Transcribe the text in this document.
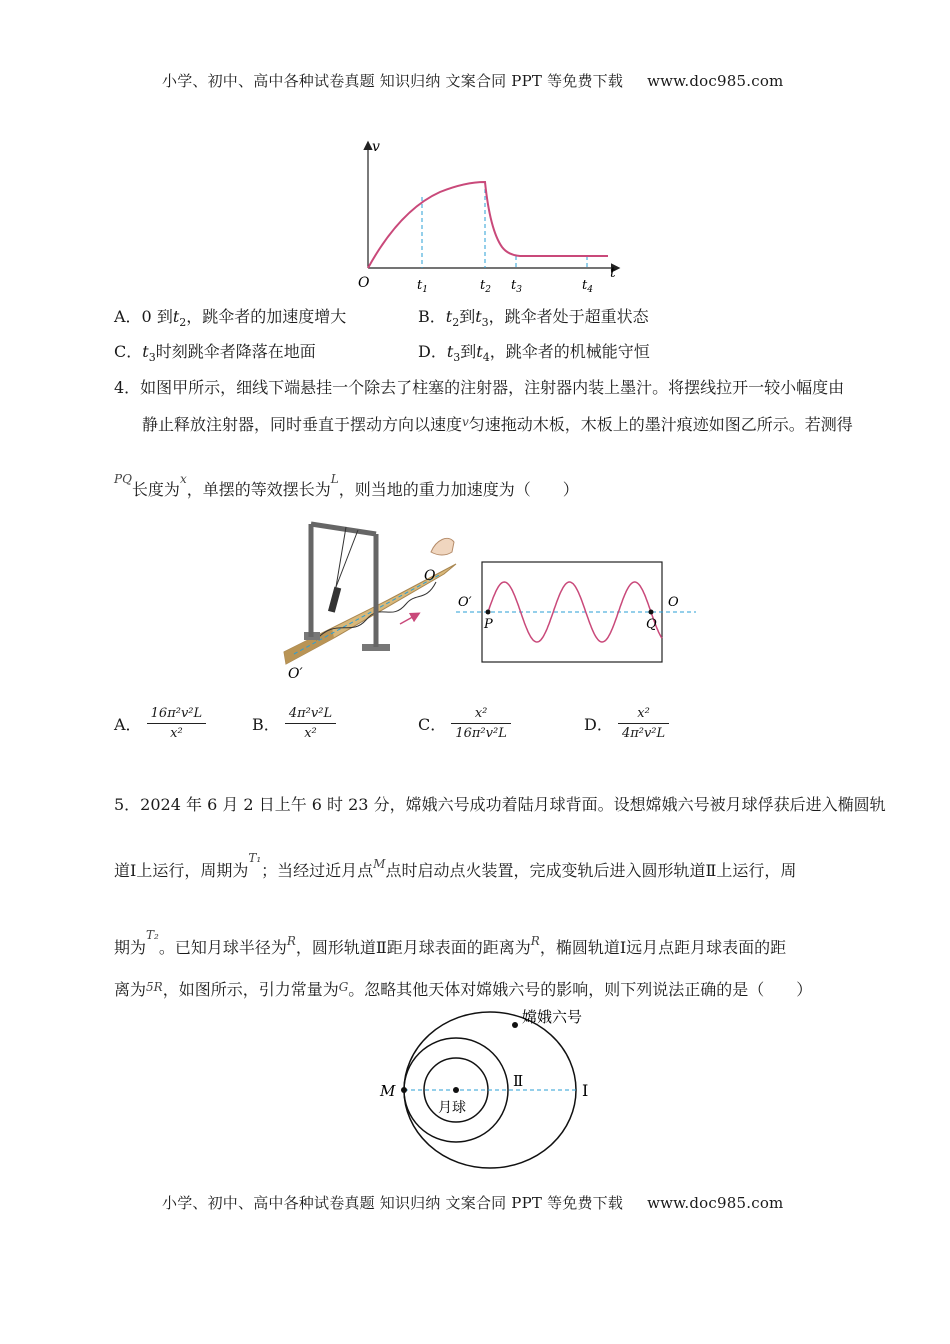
小学、初中、高中各种试卷真题 知识归纳 文案合同 PPT 等免费下载 www.doc985.com
v
t
O	$t_1$	$t_2$ $t_3$	$t_4$
A．0 到$t_2$，跳伞者的加速度增大	B．$t_2$到$t_3$，跳伞者处于超重状态
C．$t_3$时刻跳伞者降落在地面	D．$t_3$到$t_4$，跳伞者的机械能守恒
4．如图甲所示，细线下端悬挂一个除去了柱塞的注射器，注射器内装上墨汁。将摆线拉开一较小幅度由
静止释放注射器，同时垂直于摆动方向以速度$^v$匀速拖动木板，木板上的墨汁痕迹如图乙所示。若测得
$^{PQ}$长度为$^x$，单摆的等效摆长为$^L$，则当地的重力加速度为（　　）
O
O′
O′	O
P	Q
A． $\frac{\text{16π²v²L}}{\text{x²}}$	B． $\frac{\text{4π²v²L}}{\text{x²}}$	C． $\frac{\text{x²}}{\text{16π²v²L}}$	D． $\frac{\text{x²}}{\text{4π²v²L}}$
5．2024 年 6 月 2 日上午 6 时 23 分，嫦娥六号成功着陆月球背面。设想嫦娥六号被月球俘获后进入椭圆轨
道Ⅰ上运行，周期为$^{T_1}$；当经过近月点$^M$点时启动点火装置，完成变轨后进入圆形轨道Ⅱ上运行，周
期为$^{T_2}$。已知月球半径为$^R$，圆形轨道Ⅱ距月球表面的距离为$^R$，椭圆轨道Ⅰ远月点距月球表面的距
离为$^{5R}$，如图所示，引力常量为$^G$。忽略其他天体对嫦娥六号的影响，则下列说法正确的是（　　）
嫦娥六号
月球
M
Ⅱ	Ⅰ
小学、初中、高中各种试卷真题 知识归纳 文案合同 PPT 等免费下载 www.doc985.com
